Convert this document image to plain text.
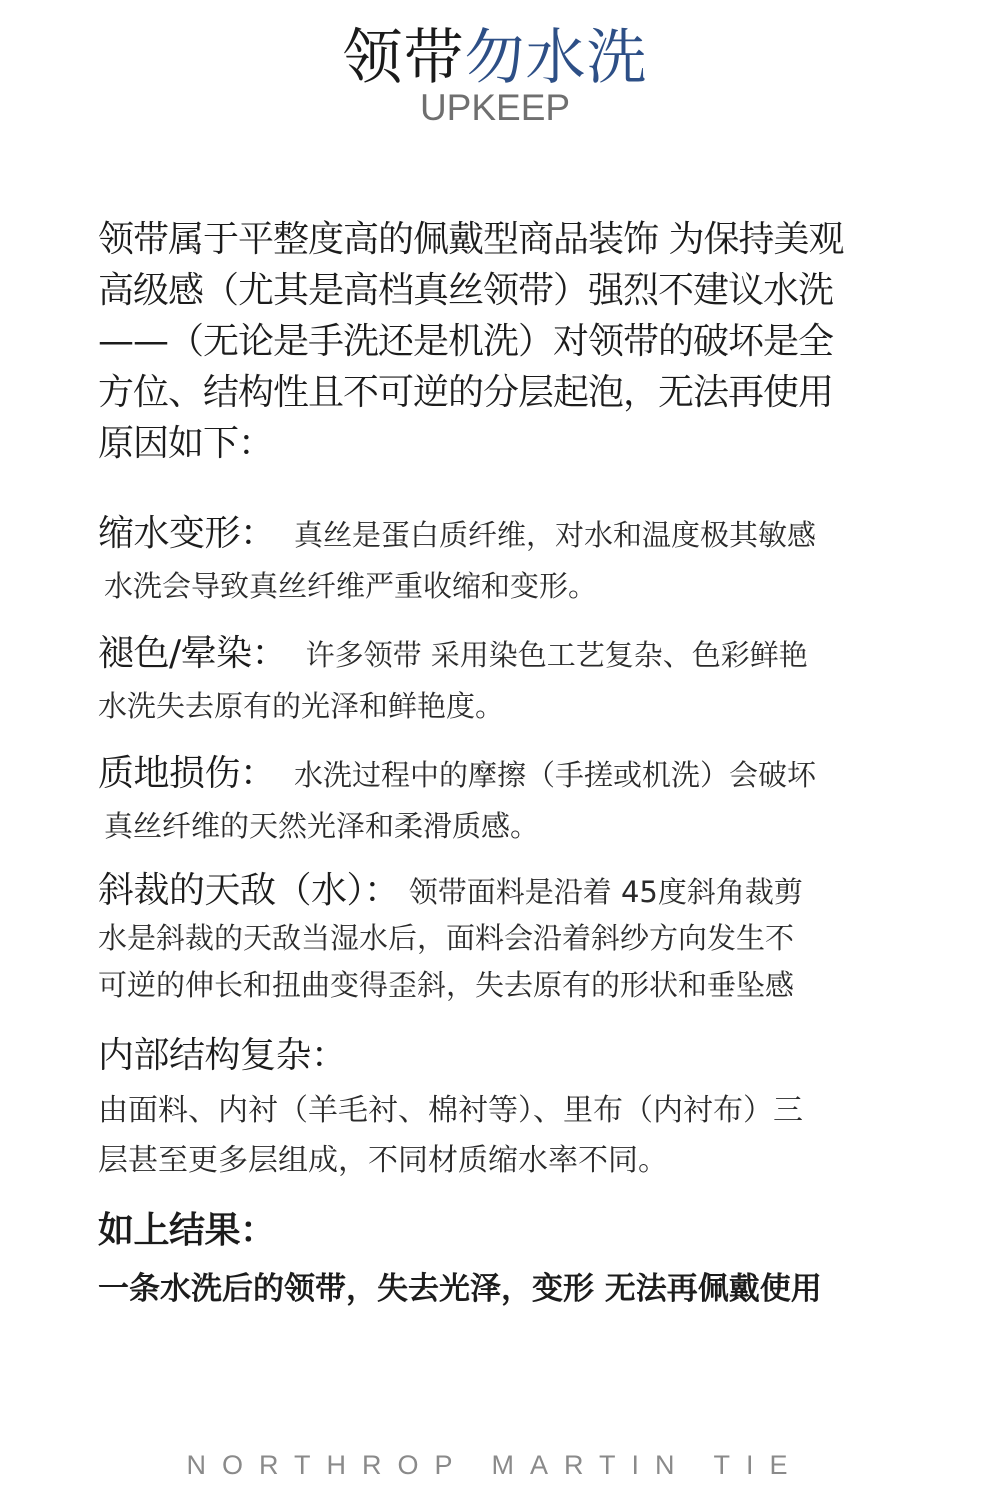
领带勿水洗
UPKEEP
领带属于平整度高的佩戴型商品装饰 为保持美观
高级感（尤其是高档真丝领带）强烈不建议水洗
——（无论是手洗还是机洗）对领带的破坏是全
方位、结构性且不可逆的分层起泡，无法再使用
原因如下：
缩水变形： 真丝是蛋白质纤维，对水和温度极其敏感
水洗会导致真丝纤维严重收缩和变形。
褪色/晕染： 许多领带 采用染色工艺复杂、色彩鲜艳
水洗失去原有的光泽和鲜艳度。
质地损伤： 水洗过程中的摩擦（手搓或机洗）会破坏
真丝纤维的天然光泽和柔滑质感。
斜裁的天敌（水）： 领带面料是沿着 45度斜角裁剪
水是斜裁的天敌当湿水后，面料会沿着斜纱方向发生不
可逆的伸长和扭曲变得歪斜，失去原有的形状和垂坠感
内部结构复杂：
由面料、内衬（羊毛衬、棉衬等）、里布（内衬布）三
层甚至更多层组成，不同材质缩水率不同。
如上结果：
一条水洗后的领带，失去光泽，变形 无法再佩戴使用
NORTHROP MARTIN TIE
